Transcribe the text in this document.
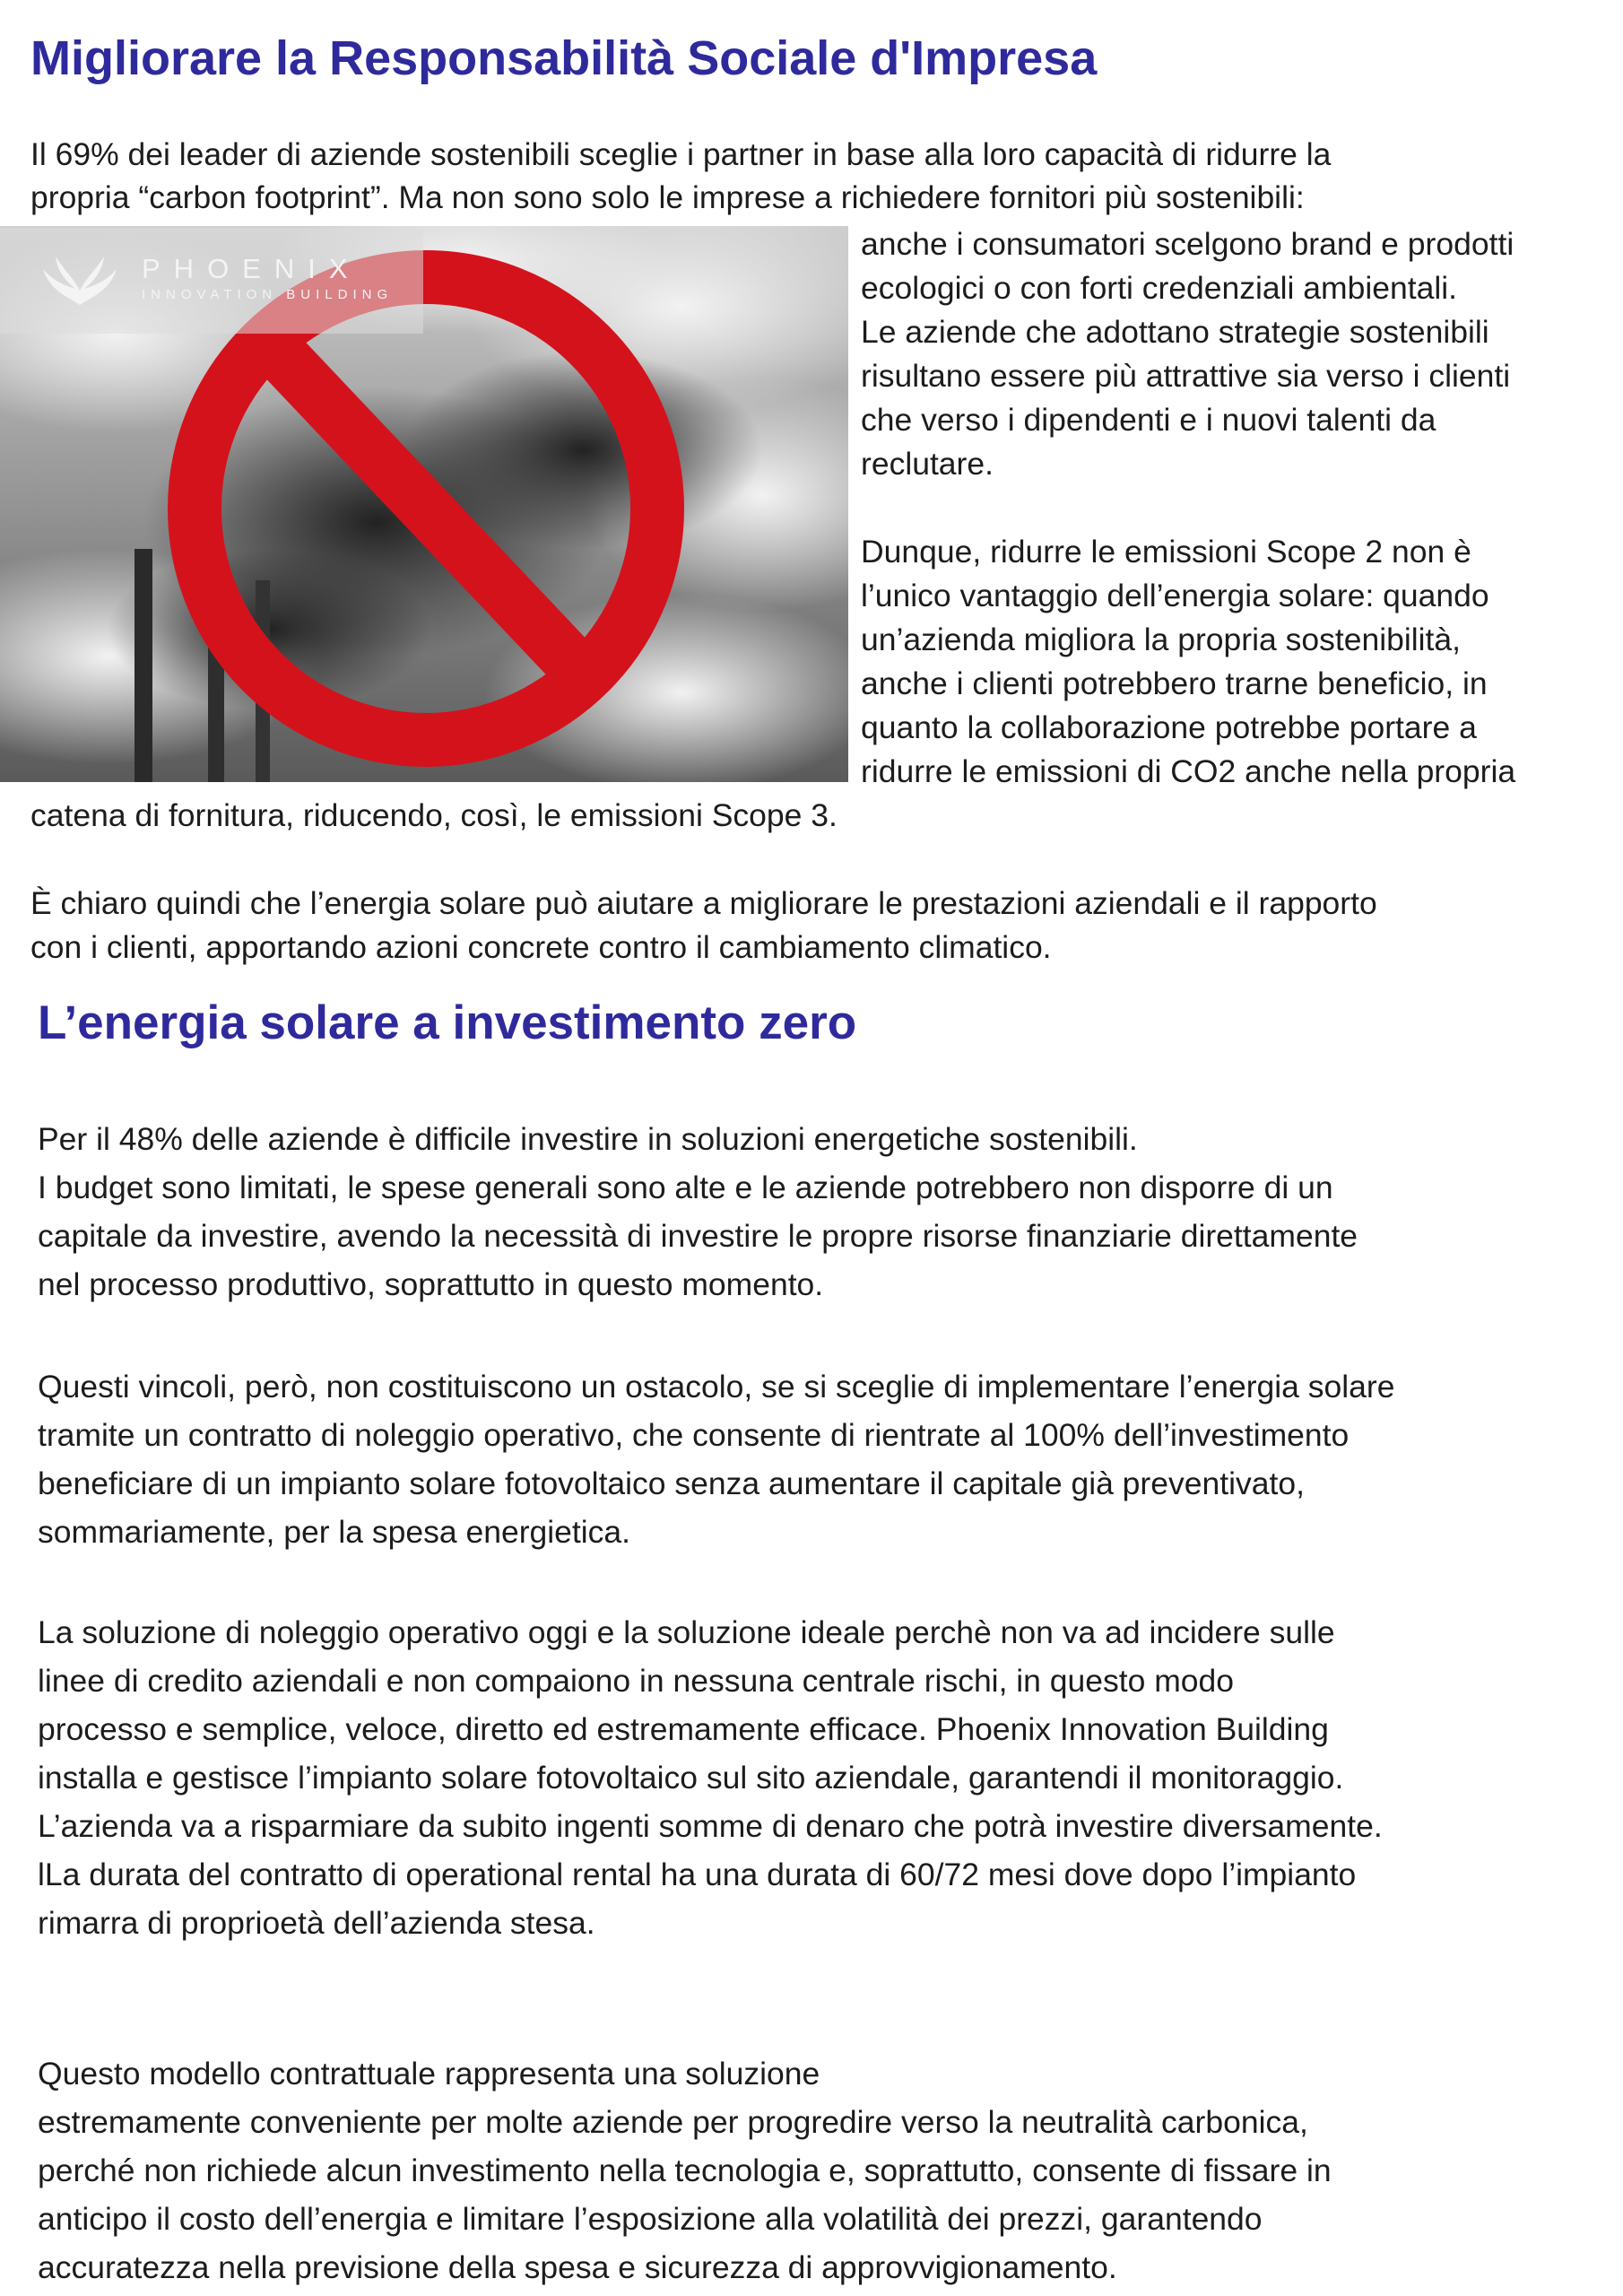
Migliorare la Responsabilità Sociale d'Impresa

Il 69% dei leader di aziende sostenibili sceglie i partner in base alla loro capacità di ridurre la

propria “carbon footprint”. Ma non sono solo le imprese a richiedere fornitori più sostenibili:

PHOENIX
INNOVATION BUILDING

anche i consumatori scelgono brand e prodotti

ecologici o con forti credenziali ambientali.

Le aziende che adottano strategie sostenibili

risultano essere più attrattive sia verso i clienti

che verso i dipendenti e i nuovi talenti da

reclutare.

Dunque, ridurre le emissioni Scope 2 non è

l’unico vantaggio dell’energia solare: quando

un’azienda migliora la propria sostenibilità,

anche i clienti potrebbero trarne beneficio, in

quanto la collaborazione potrebbe portare a

ridurre le emissioni di CO2 anche nella propria

catena di fornitura, riducendo, così, le emissioni Scope 3.

È chiaro quindi che l’energia solare può aiutare a migliorare le prestazioni aziendali e il rapporto

con i clienti, apportando azioni concrete contro il cambiamento climatico.

L’energia solare a investimento zero

Per il 48% delle aziende è difficile investire in soluzioni energetiche sostenibili.

I budget sono limitati, le spese generali sono alte e le aziende potrebbero non disporre di un

capitale da investire, avendo la necessità di investire le propre risorse finanziarie direttamente

nel processo produttivo, soprattutto in questo momento.

Questi vincoli, però, non costituiscono un ostacolo, se si sceglie di implementare l’energia solare

tramite un contratto di noleggio operativo, che consente di rientrate al 100% dell’investimento

beneficiare di un impianto solare fotovoltaico senza aumentare il capitale già preventivato,

sommariamente, per la spesa energietica.

La soluzione di noleggio operativo oggi e la soluzione ideale perchè non va ad incidere sulle

linee di credito aziendali e non compaiono in nessuna centrale rischi, in questo modo

processo e semplice, veloce, diretto ed estremamente efficace. Phoenix Innovation Building

installa e gestisce l’impianto solare fotovoltaico sul sito aziendale, garantendi il monitoraggio.

L’azienda va a risparmiare da subito ingenti somme di denaro che potrà investire diversamente.

lLa durata del contratto di operational rental ha una durata di 60/72 mesi dove dopo l’impianto

rimarra di proprioetà dell’azienda stesa.

Questo modello contrattuale rappresenta una soluzione

estremamente conveniente per molte aziende per progredire verso la neutralità carbonica,

perché non richiede alcun investimento nella tecnologia e, soprattutto, consente di fissare in

anticipo il costo dell’energia e limitare l’esposizione alla volatilità dei prezzi, garantendo

accuratezza nella previsione della spesa e sicurezza di approvvigionamento.
